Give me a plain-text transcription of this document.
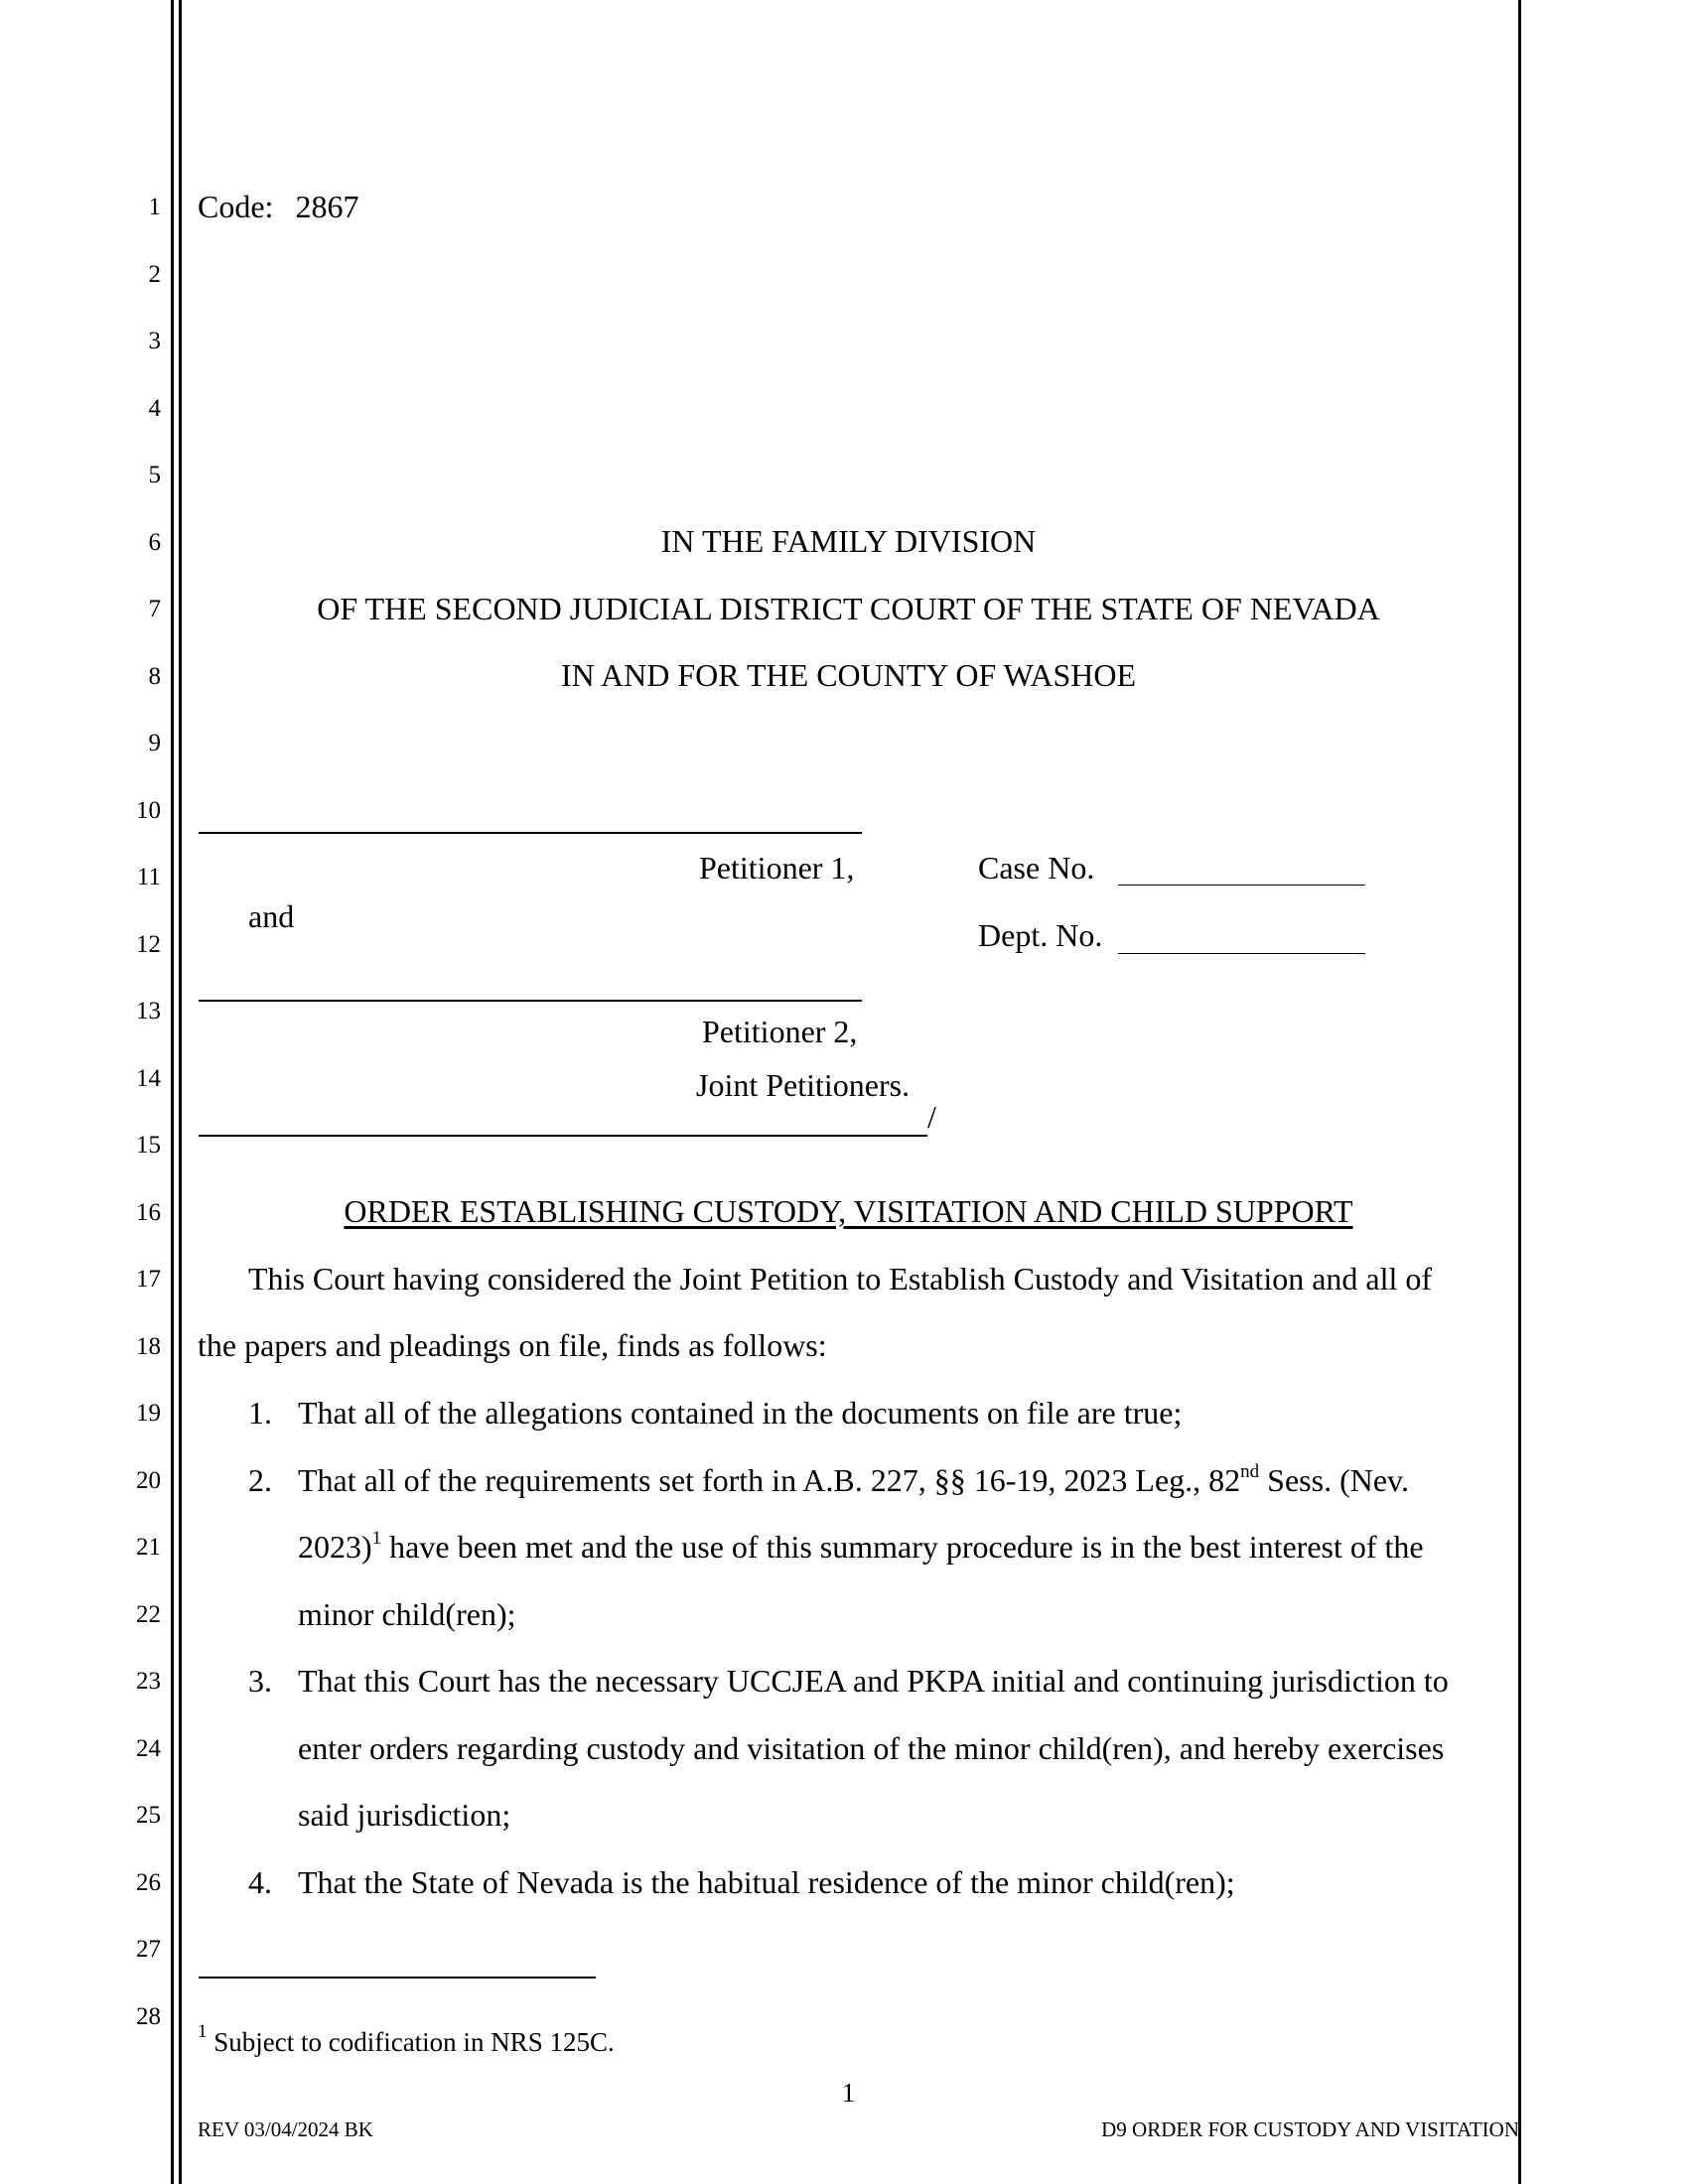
1
2
3
4
5
6
7
8
9
10
11
12
13
14
15
16
17
18
19
20
21
22
23
24
25
26
27
28
Code: 2867
IN THE FAMILY DIVISION
OF THE SECOND JUDICIAL DISTRICT COURT OF THE STATE OF NEVADA
IN AND FOR THE COUNTY OF WASHOE
Petitioner 1,
and
Petitioner 2,
Joint Petitioners.
/
Case No.
Dept. No.
ORDER ESTABLISHING CUSTODY, VISITATION AND CHILD SUPPORT
This Court having considered the Joint Petition to Establish Custody and Visitation and all of
the papers and pleadings on file, finds as follows:
1. That all of the allegations contained in the documents on file are true;
2. That all of the requirements set forth in A.B. 227, §§ 16-19, 2023 Leg., 82nd Sess. (Nev.
2023)$^1$ have been met and the use of this summary procedure is in the best interest of the
minor child(ren);
3. That this Court has the necessary UCCJEA and PKPA initial and continuing jurisdiction to
enter orders regarding custody and visitation of the minor child(ren), and hereby exercises
said jurisdiction;
4. That the State of Nevada is the habitual residence of the minor child(ren);
$^1$ Subject to codification in NRS 125C.
1
REV 03/04/2024 BK	D9 ORDER FOR CUSTODY AND VISITATION
